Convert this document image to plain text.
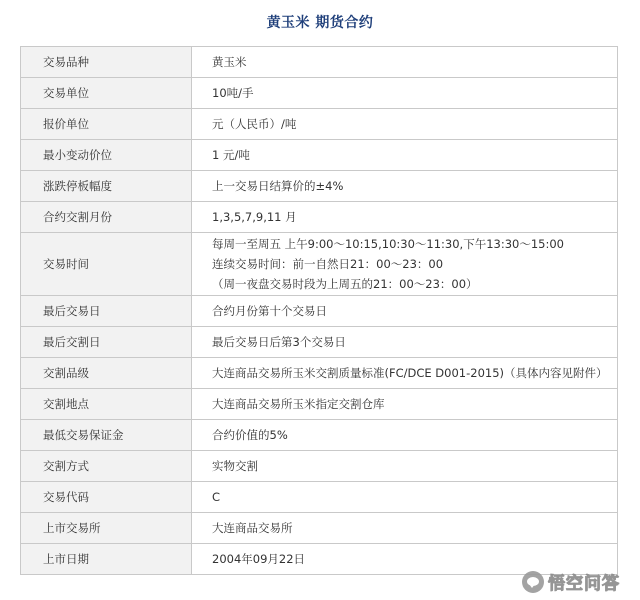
黄玉米 期货合约
交易品种	黄玉米

交易单位	10吨/手

报价单位	元（人民币）/吨

最小变动价位	1 元/吨

涨跌停板幅度	上一交易日结算价的±4%

合约交割月份	1,3,5,7,9,11 月

交易时间	每周一至周五 上午9:00～10:15,10:30～11:30,下午13:30～15:00
连续交易时间：前一自然日21：00～23：00
（周一夜盘交易时段为上周五的21：00～23：00）

最后交易日	合约月份第十个交易日

最后交割日	最后交易日后第3个交易日

交割品级	大连商品交易所玉米交割质量标准(FC/DCE D001-2015)（具体内容见附件）

交割地点	大连商品交易所玉米指定交割仓库

最低交易保证金	合约价值的5%

交割方式	实物交割

交易代码	C

上市交易所	大连商品交易所

上市日期	2004年09月22日
悟空问答
